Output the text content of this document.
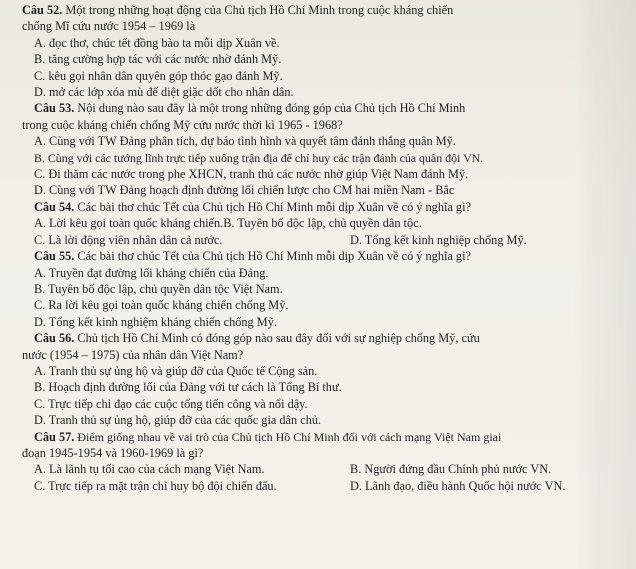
Câu 52. Một trong những hoạt động của Chủ tịch Hồ Chí Minh trong cuộc kháng chiến
chống Mĩ cứu nước 1954 – 1969 là
A. đọc thơ, chúc tết đồng bào ta mỗi dịp Xuân về.
B. tăng cường hợp tác với các nước nhờ đánh Mỹ.
C. kêu gọi nhân dân quyên góp thóc gạo đánh Mỹ.
D. mở các lớp xóa mù để diệt giặc dốt cho nhân dân.
Câu 53. Nội dung nào sau đây là một trong những đóng góp của Chủ tịch Hồ Chí Minh
trong cuộc kháng chiến chống Mỹ cứu nước thời kì 1965 - 1968?
A. Cùng với TW Đảng phân tích, dự báo tình hình và quyết tâm đánh thắng quân Mỹ.
B. Cùng với các tướng lĩnh trực tiếp xuống trận địa để chỉ huy các trận đánh của quân đội VN.
C. Đi thăm các nước trong phe XHCN, tranh thủ các nước nhờ giúp Việt Nam đánh Mỹ.
D. Cùng với TW Đảng hoạch định đường lối chiến lược cho CM hai miền Nam - Bắc
Câu 54. Các bài thơ chúc Tết của Chủ tịch Hồ Chí Minh mỗi dịp Xuân về có ý nghĩa gì?
A. Lời kêu gọi toàn quốc kháng chiến.B. Tuyên bố độc lập, chủ quyền dân tộc.
C. Là lời động viên nhân dân cả nước.	D. Tổng kết kinh nghiệp chống Mỹ.
Câu 55. Các bài thơ chúc Tết của Chủ tịch Hồ Chí Minh mỗi dịp Xuân về có ý nghĩa gì?
A. Truyền đạt đường lối kháng chiến của Đảng.
B. Tuyên bố độc lập, chủ quyền dân tộc Việt Nam.
C. Ra lời kêu gọi toàn quốc kháng chiến chống Mỹ.
D. Tổng kết kinh nghiệm kháng chiến chống Mỹ.
Câu 56. Chủ tịch Hồ Chí Minh có đóng góp nào sau đây đối với sự nghiệp chống Mỹ, cứu
nước (1954 – 1975) của nhân dân Việt Nam?
A. Tranh thủ sự ủng hộ và giúp đỡ của Quốc tế Cộng sản.
B. Hoạch định đường lối của Đảng với tư cách là Tổng Bí thư.
C. Trực tiếp chỉ đạo các cuộc tổng tiến công và nổi dậy.
D. Tranh thủ sự ủng hộ, giúp đỡ của các quốc gia dân chủ.
Câu 57. Điểm giống nhau về vai trò của Chủ tịch Hồ Chí Minh đối với cách mạng Việt Nam giai
đoạn 1945-1954 và 1960-1969 là gì?
A. Là lãnh tụ tối cao của cách mạng Việt Nam.	B. Người đứng đầu Chính phủ nước VN.
C. Trực tiếp ra mặt trận chỉ huy bộ đội chiến đấu.	D. Lãnh đạo, điều hành Quốc hội nước VN.
